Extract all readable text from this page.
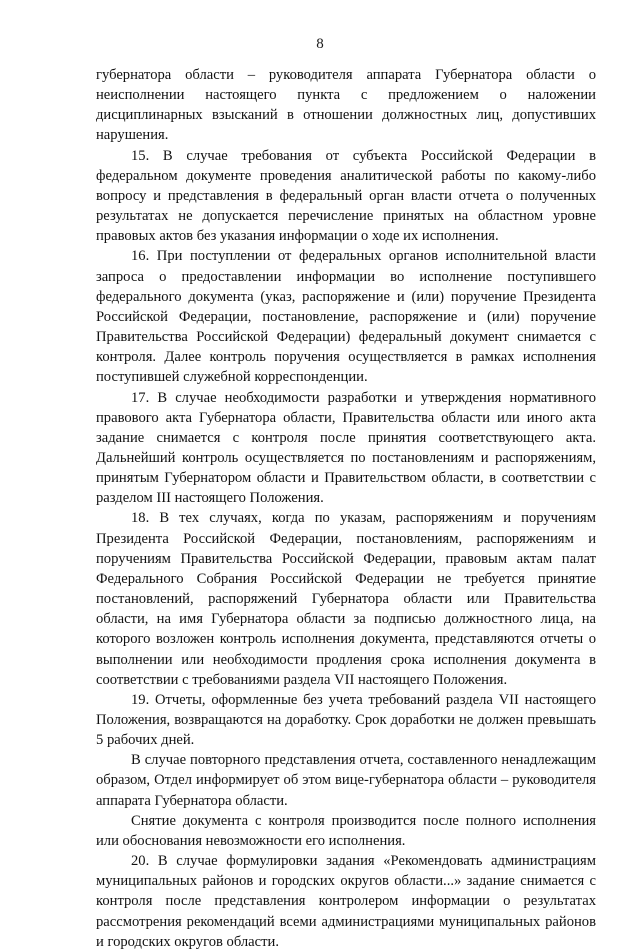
8

губернатора области – руководителя аппарата Губернатора области о неисполнении настоящего пункта с предложением о наложении дисциплинарных взысканий в отношении должностных лиц, допустивших нарушения.

15. В случае требования от субъекта Российской Федерации в федеральном документе проведения аналитической работы по какому-либо вопросу и представления в федеральный орган власти отчета о полученных результатах не допускается перечисление принятых на областном уровне правовых актов без указания информации о ходе их исполнения.

16. При поступлении от федеральных органов исполнительной власти запроса о предоставлении информации во исполнение поступившего федерального документа (указ, распоряжение и (или) поручение Президента Российской Федерации, постановление, распоряжение и (или) поручение Правительства Российской Федерации) федеральный документ снимается с контроля. Далее контроль поручения осуществляется в рамках исполнения поступившей служебной корреспонденции.

17. В случае необходимости разработки и утверждения нормативного правового акта Губернатора области, Правительства области или иного акта задание снимается с контроля после принятия соответствующего акта. Дальнейший контроль осуществляется по постановлениям и распоряжениям, принятым Губернатором области и Правительством области, в соответствии с разделом III настоящего Положения.

18. В тех случаях, когда по указам, распоряжениям и поручениям Президента Российской Федерации, постановлениям, распоряжениям и поручениям Правительства Российской Федерации, правовым актам палат Федерального Собрания Российской Федерации не требуется принятие постановлений, распоряжений Губернатора области или Правительства области, на имя Губернатора области за подписью должностного лица, на которого возложен контроль исполнения документа, представляются отчеты о выполнении или необходимости продления срока исполнения документа в соответствии с требованиями раздела VII настоящего Положения.

19. Отчеты, оформленные без учета требований раздела VII настоящего Положения, возвращаются на доработку. Срок доработки не должен превышать 5 рабочих дней.

В случае повторного представления отчета, составленного ненадлежащим образом, Отдел информирует об этом вице-губернатора области – руководителя аппарата Губернатора области.

Снятие документа с контроля производится после полного исполнения или обоснования невозможности его исполнения.

20. В случае формулировки задания «Рекомендовать администрациям муниципальных районов и городских округов области...» задание снимается с контроля после представления контролером информации о результатах рассмотрения рекомендаций всеми администрациями муниципальных районов и городских округов области.
